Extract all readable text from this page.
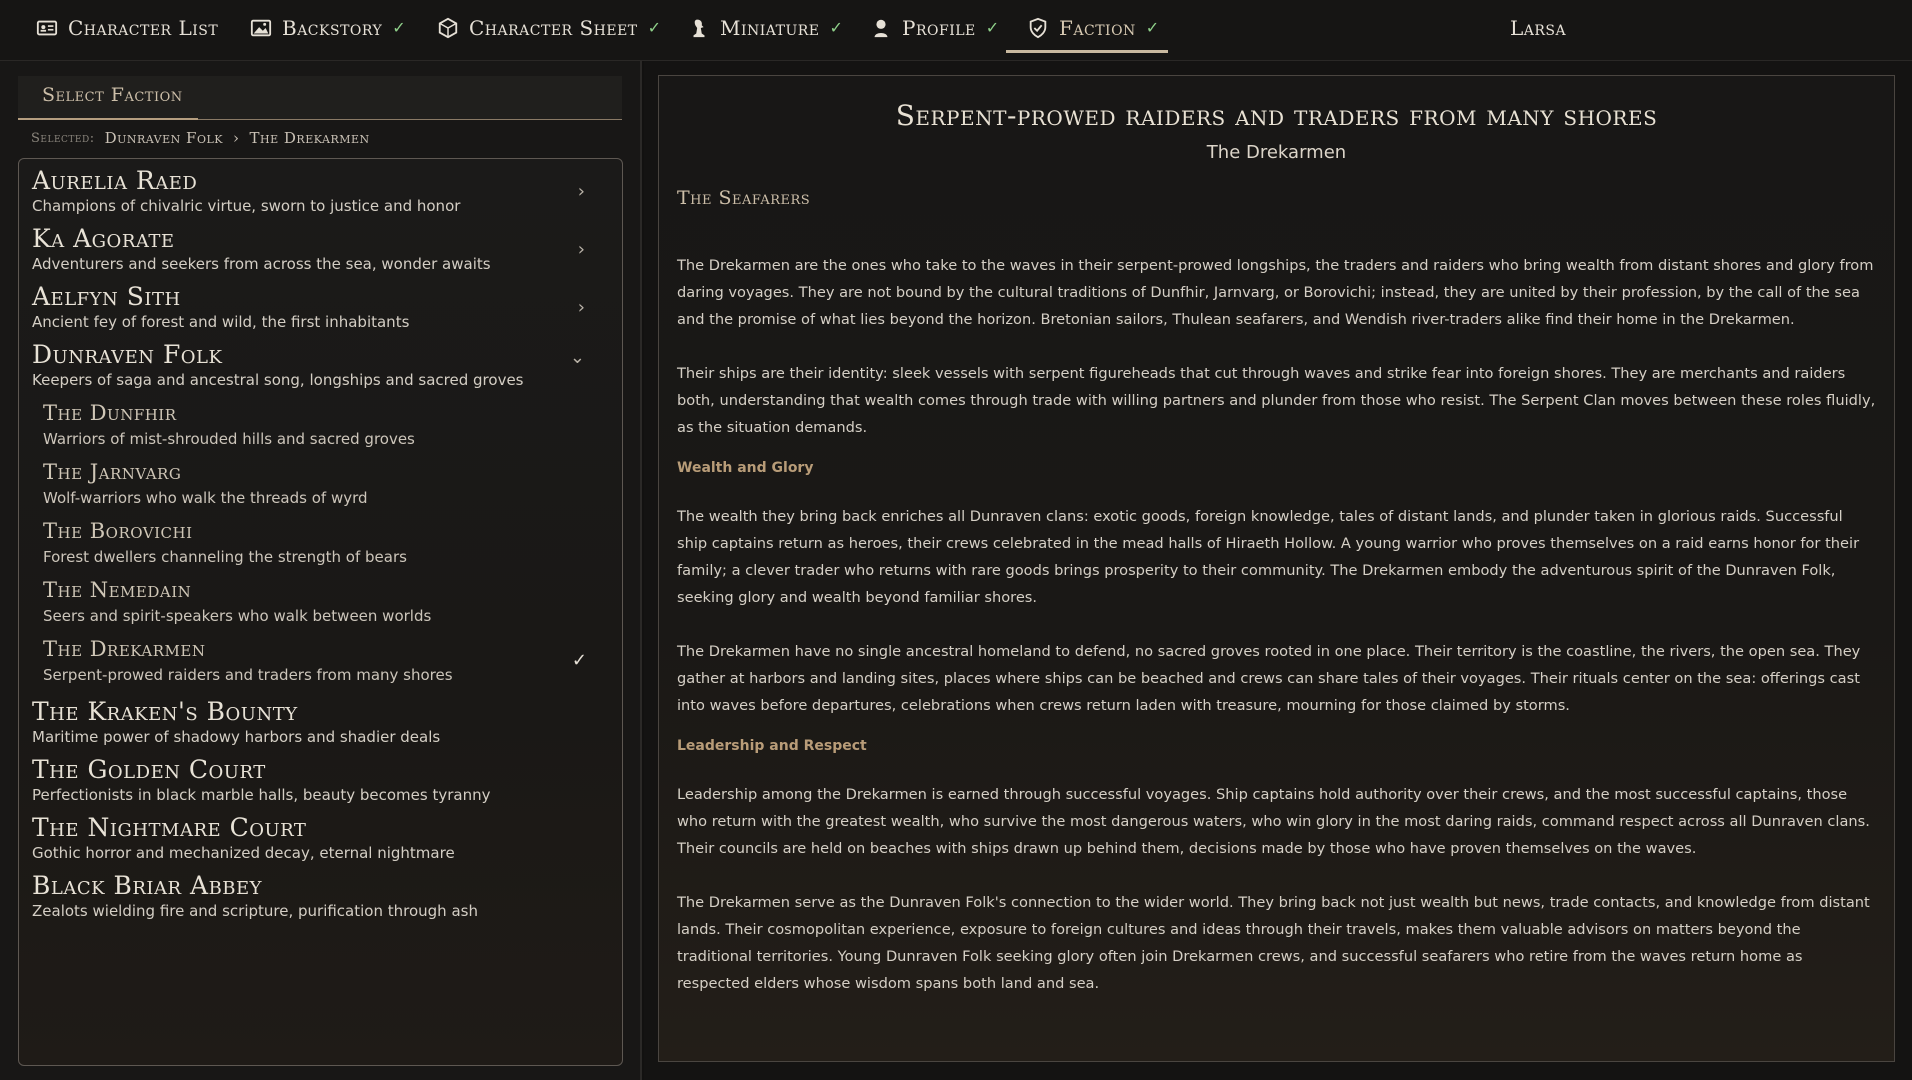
Character List	Backstory ✓	Character Sheet ✓	Miniature ✓	Profile ✓	Faction ✓	Larsa
Select Faction
Selected: Dunraven Folk › The Drekarmen
Aurelia Raed
Champions of chivalric virtue, sworn to justice and honor
›
Ka Agorate
Adventurers and seekers from across the sea, wonder awaits
›
Aelfyn Sith
Ancient fey of forest and wild, the first inhabitants
›
Dunraven Folk
Keepers of saga and ancestral song, longships and sacred groves
⌄
The Dunfhir
Warriors of mist-shrouded hills and sacred groves
The Jarnvarg
Wolf-warriors who walk the threads of wyrd
The Borovichi
Forest dwellers channeling the strength of bears
The Nemedain
Seers and spirit-speakers who walk between worlds
The Drekarmen
Serpent-prowed raiders and traders from many shores
✓
The Kraken's Bounty
Maritime power of shadowy harbors and shadier deals
The Golden Court
Perfectionists in black marble halls, beauty becomes tyranny
The Nightmare Court
Gothic horror and mechanized decay, eternal nightmare
Black Briar Abbey
Zealots wielding fire and scripture, purification through ash
Serpent-prowed raiders and traders from many shores
The Drekarmen
The Seafarers
The Drekarmen are the ones who take to the waves in their serpent-prowed longships, the traders and raiders who bring wealth from distant shores and glory from daring voyages. They are not bound by the cultural traditions of Dunfhir, Jarnvarg, or Borovichi; instead, they are united by their profession, by the call of the sea and the promise of what lies beyond the horizon. Bretonian sailors, Thulean seafarers, and Wendish river-traders alike find their home in the Drekarmen.
Their ships are their identity: sleek vessels with serpent figureheads that cut through waves and strike fear into foreign shores. They are merchants and raiders both, understanding that wealth comes through trade with willing partners and plunder from those who resist. The Serpent Clan moves between these roles fluidly, as the situation demands.
Wealth and Glory
The wealth they bring back enriches all Dunraven clans: exotic goods, foreign knowledge, tales of distant lands, and plunder taken in glorious raids. Successful ship captains return as heroes, their crews celebrated in the mead halls of Hiraeth Hollow. A young warrior who proves themselves on a raid earns honor for their family; a clever trader who returns with rare goods brings prosperity to their community. The Drekarmen embody the adventurous spirit of the Dunraven Folk, seeking glory and wealth beyond familiar shores.
The Drekarmen have no single ancestral homeland to defend, no sacred groves rooted in one place. Their territory is the coastline, the rivers, the open sea. They gather at harbors and landing sites, places where ships can be beached and crews can share tales of their voyages. Their rituals center on the sea: offerings cast into waves before departures, celebrations when crews return laden with treasure, mourning for those claimed by storms.
Leadership and Respect
Leadership among the Drekarmen is earned through successful voyages. Ship captains hold authority over their crews, and the most successful captains, those who return with the greatest wealth, who survive the most dangerous waters, who win glory in the most daring raids, command respect across all Dunraven clans. Their councils are held on beaches with ships drawn up behind them, decisions made by those who have proven themselves on the waves.
The Drekarmen serve as the Dunraven Folk's connection to the wider world. They bring back not just wealth but news, trade contacts, and knowledge from distant lands. Their cosmopolitan experience, exposure to foreign cultures and ideas through their travels, makes them valuable advisors on matters beyond the traditional territories. Young Dunraven Folk seeking glory often join Drekarmen crews, and successful seafarers who retire from the waves return home as respected elders whose wisdom spans both land and sea.
